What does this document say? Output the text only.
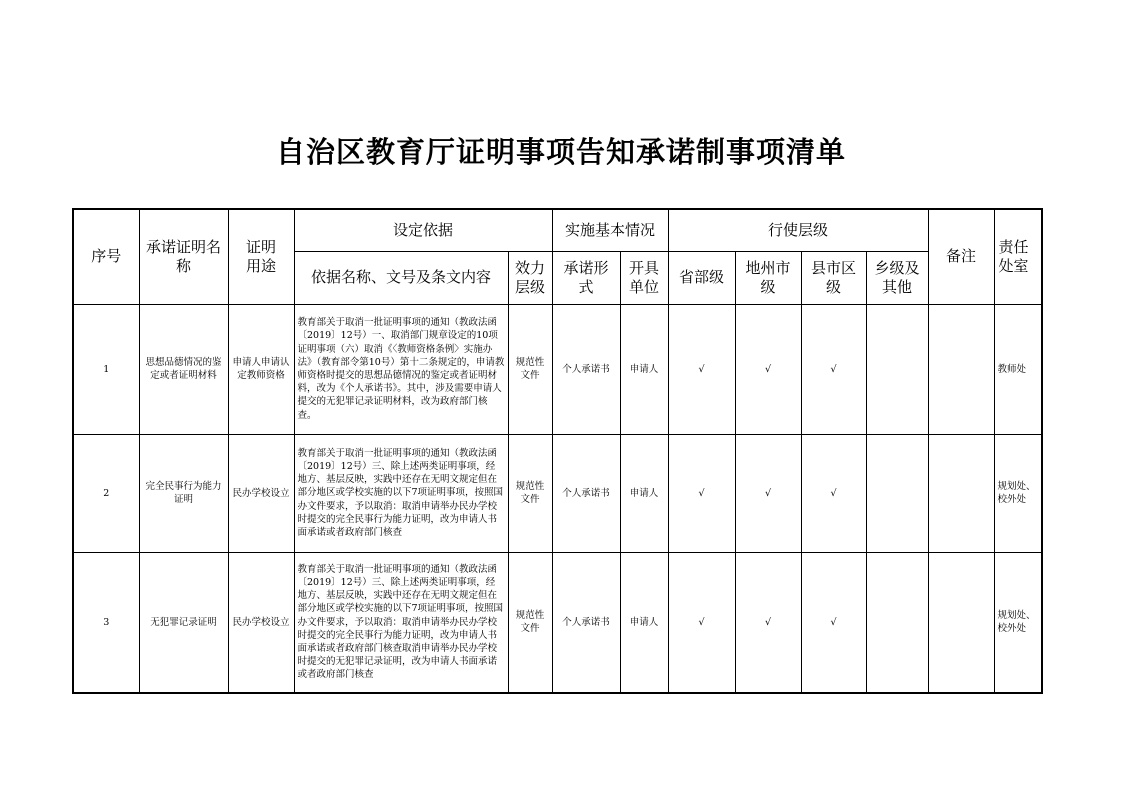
自治区教育厅证明事项告知承诺制事项清单
序号	承诺证明名称	证明用途	设定依据		实施基本情况		行使层级				备注	责任处室
			依据名称、文号及条文内容	效力层级	承诺形式	开具单位	省部级	地州市级	县市区级	乡级及其他		
1	思想品德情况的鉴定或者证明材料	申请人申请认定教师资格	教育部关于取消一批证明事项的通知（教政法函〔2019〕12号）一、取消部门规章设定的10项证明事项（六）取消《〈教师资格条例〉实施办法》（教育部令第10号）第十二条规定的，申请教师资格时提交的思想品德情况的鉴定或者证明材料，改为《个人承诺书》。其中，涉及需要申请人提交的无犯罪记录证明材料，改为政府部门核查。	规范性文件	个人承诺书	申请人	√	√	√			教师处
2	完全民事行为能力证明	民办学校设立	教育部关于取消一批证明事项的通知（教政法函〔2019〕12号）三、除上述两类证明事项，经地方、基层反映，实践中还存在无明文规定但在部分地区或学校实施的以下7项证明事项，按照国办文件要求，予以取消：取消申请举办民办学校时提交的完全民事行为能力证明，改为申请人书面承诺或者政府部门核查	规范性文件	个人承诺书	申请人	√	√	√			规划处、校外处
3	无犯罪记录证明	民办学校设立	教育部关于取消一批证明事项的通知（教政法函〔2019〕12号）三、除上述两类证明事项，经地方、基层反映，实践中还存在无明文规定但在部分地区或学校实施的以下7项证明事项，按照国办文件要求，予以取消：取消申请举办民办学校时提交的完全民事行为能力证明，改为申请人书面承诺或者政府部门核查取消申请举办民办学校时提交的无犯罪记录证明，改为申请人书面承诺或者政府部门核查	规范性文件	个人承诺书	申请人	√	√	√			规划处、校外处
